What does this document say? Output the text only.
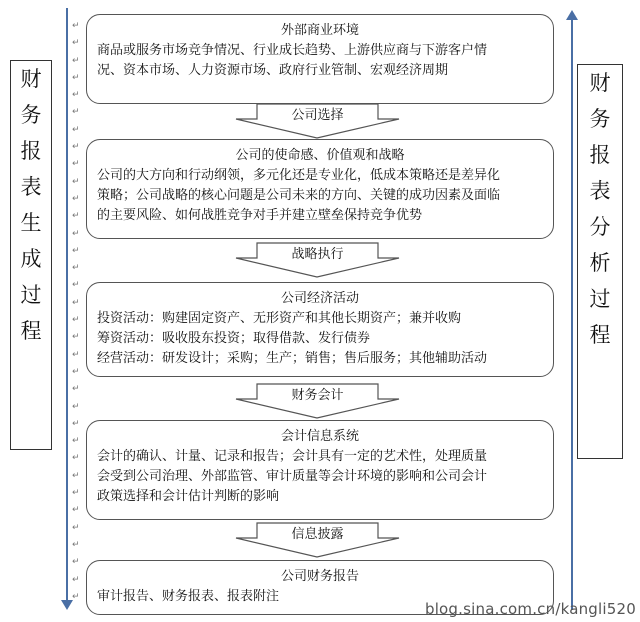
↵
↵
↵
↵
↵
↵
↵
↵
↵
↵
↵
↵
↵
↵
↵
↵
↵
↵
↵
↵
↵
↵
↵
↵
↵
↵
↵
↵
↵
↵
↵
↵
↵
↵
财
务
报
表
生
成
过
程
财
务
报
表
分
析
过
程
外部商业环境
商品或服务市场竞争情况、行业成长趋势、上游供应商与下游客户情
况、资本市场、人力资源市场、政府行业管制、宏观经济周期
公司选择
公司的使命感、价值观和战略
公司的大方向和行动纲领，多元化还是专业化，低成本策略还是差异化
策略；公司战略的核心问题是公司未来的方向、关键的成功因素及面临
的主要风险、如何战胜竞争对手并建立壁垒保持竞争优势
战略执行
公司经济活动
投资活动：购建固定资产、无形资产和其他长期资产；兼并收购
筹资活动：吸收股东投资；取得借款、发行债券
经营活动：研发设计；采购；生产；销售；售后服务；其他辅助活动
财务会计
会计信息系统
会计的确认、计量、记录和报告；会计具有一定的艺术性，处理质量
会受到公司治理、外部监管、审计质量等会计环境的影响和公司会计
政策选择和会计估计判断的影响
信息披露
公司财务报告
审计报告、财务报表、报表附注
blog.sina.com.cn/kangli520
